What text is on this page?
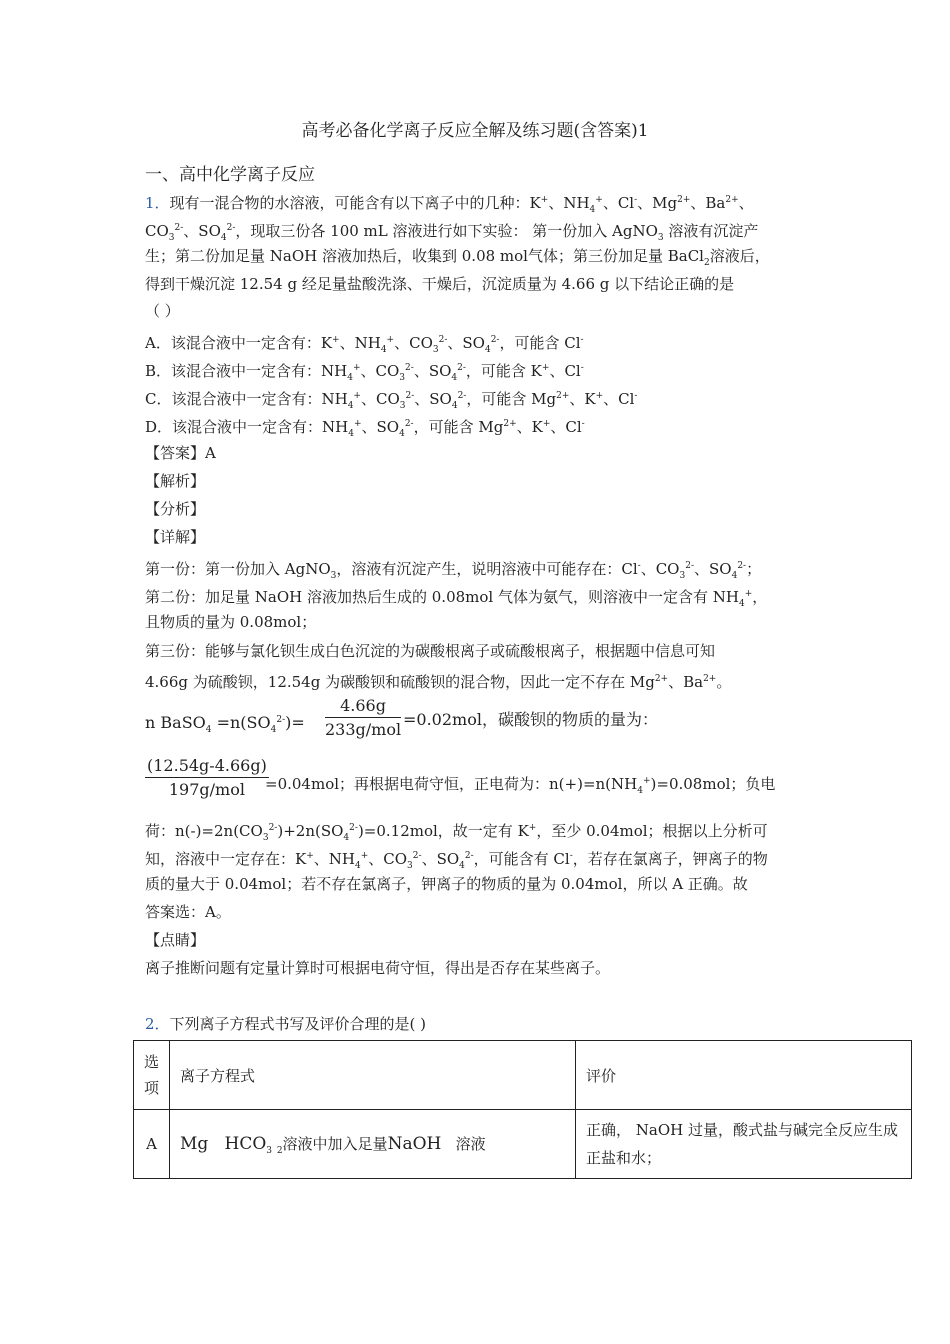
高考必备化学离子反应全解及练习题(含答案)1
一、高中化学离子反应
1．现有一混合物的水溶液，可能含有以下离子中的几种：K+、$NH_4^+$、Cl-、$Mg^{2+}$、$Ba^{2+}$、
$CO_3^{2-}$、$SO_4^{2-}$，现取三份各 100 mL 溶液进行如下实验： 第一份加入 AgNO$_3$ 溶液有沉淀产
生；第二份加足量 NaOH 溶液加热后，收集到 0.08 mol气体；第三份加足量 BaCl$_2$溶液后，
得到干燥沉淀 12.54 g 经足量盐酸洗涤、干燥后，沉淀质量为 4.66 g 以下结论正确的是
（ ）
A．该混合液中一定含有：K+、$NH_4^+$、$CO_3^{2-}$、$SO_4^{2-}$，可能含 Cl-
B．该混合液中一定含有：$NH_4^+$、$CO_3^{2-}$、$SO_4^{2-}$，可能含 K+、Cl-
C．该混合液中一定含有：$NH_4^+$、$CO_3^{2-}$、$SO_4^{2-}$，可能含 $Mg^{2+}$、K+、Cl-
D．该混合液中一定含有：$NH_4^+$、$SO_4^{2-}$，可能含 $Mg^{2+}$、K+、Cl-
【答案】A
【解析】
【分析】
【详解】
第一份：第一份加入 AgNO$_3$，溶液有沉淀产生，说明溶液中可能存在：Cl-、$CO_3^{2-}$、$SO_4^{2-}$；
第二份：加足量 NaOH 溶液加热后生成的 0.08mol 气体为氨气，则溶液中一定含有 $NH_4^+$，
且物质的量为 0.08mol；
第三份：能够与氯化钡生成白色沉淀的为碳酸根离子或硫酸根离子，根据题中信息可知
4.66g 为硫酸钡，12.54g 为碳酸钡和硫酸钡的混合物，因此一定不存在 $Mg^{2+}$、$Ba^{2+}$。
n BaSO$_4$ $=n(SO_4^{2-})=$
4.66g
233g/mol
=0.02mol，碳酸钡的物质的量为：
(12.54g-4.66g)
197g/mol	=0.04mol；再根据电荷守恒，正电荷为：$n(+)=n(NH_4^+)=0.08mol$；负电
荷：$n(-)=2n(CO_3^{2-})+2n(SO_4^{2-})=0.12mol$，故一定有 K+，至少 0.04mol；根据以上分析可
知，溶液中一定存在：K+、$NH_4^+$、$CO_3^{2-}$、$SO_4^{2-}$，可能含有 Cl-，若存在氯离子，钾离子的物
质的量大于 0.04mol；若不存在氯离子，钾离子的物质的量为 0.04mol，所以 A 正确。故
答案选：A。
【点睛】
离子推断问题有定量计算时可根据电荷守恒，得出是否存在某些离子。
2．下列离子方程式书写及评价合理的是( )
选项	离子方程式	评价
A	Mg   $HCO_3$ $_2$溶液中加入足量NaOH   溶液	正确， NaOH 过量，酸式盐与碱完全反应生成正盐和水；
